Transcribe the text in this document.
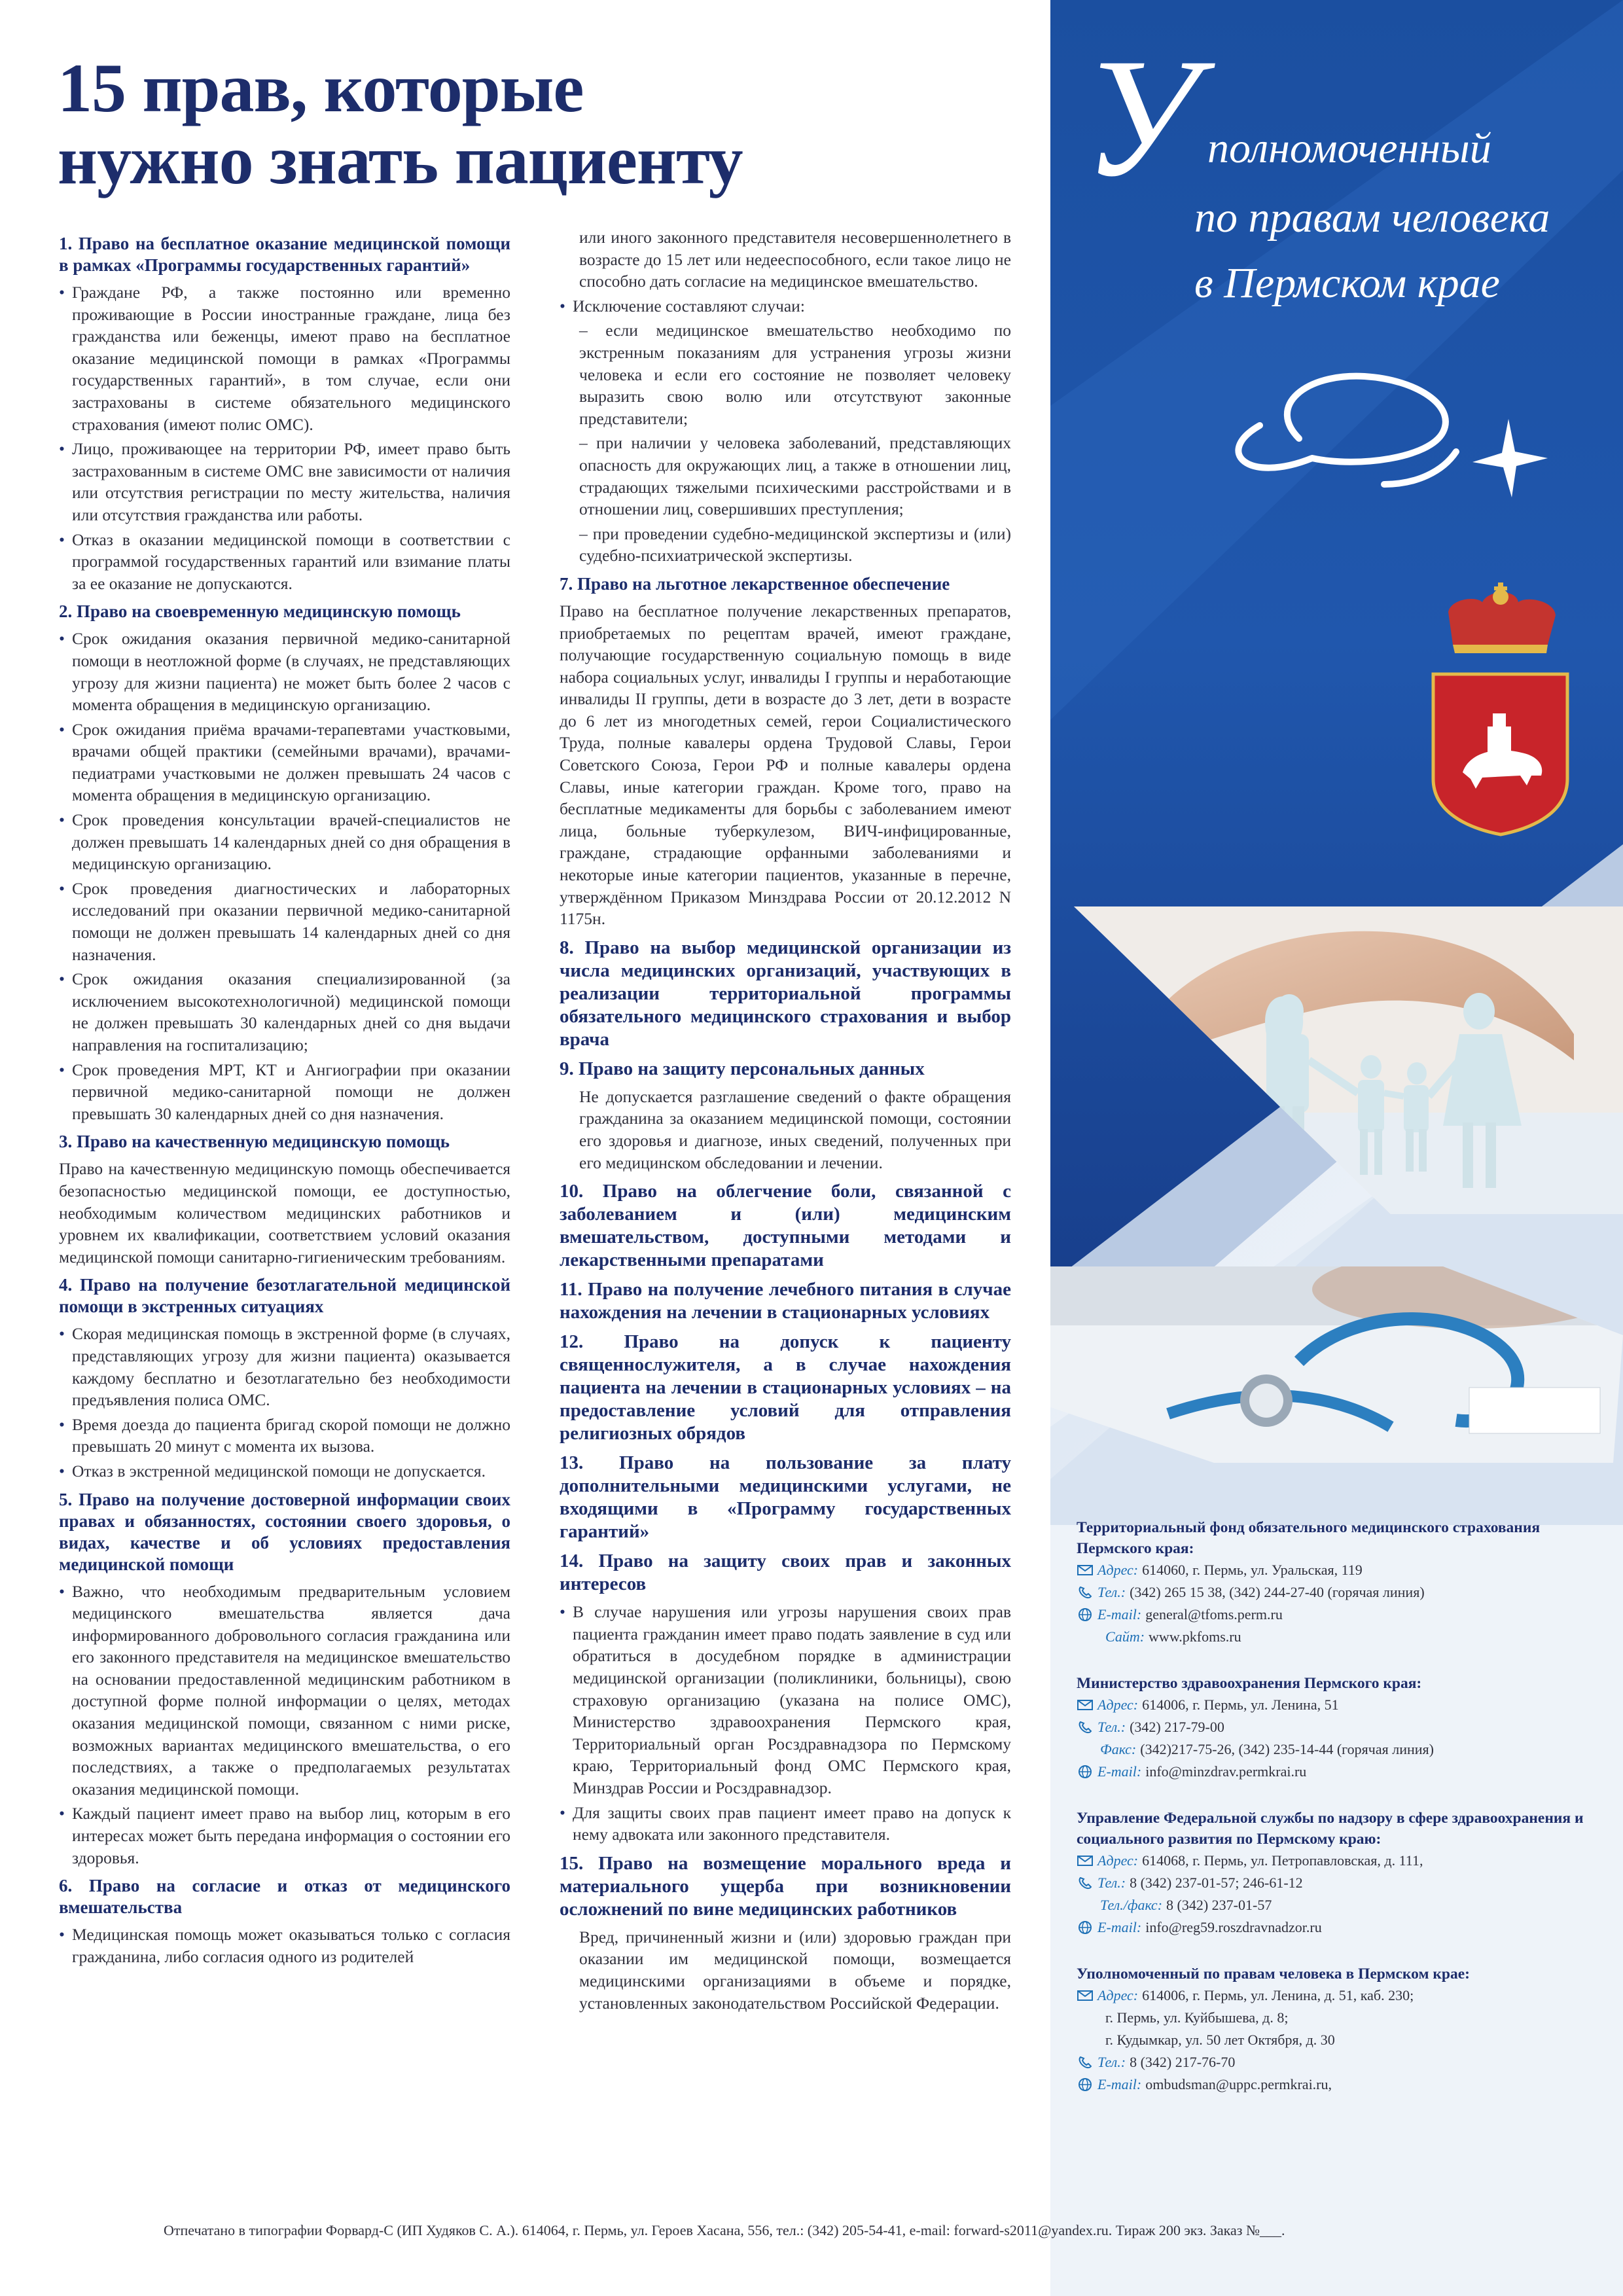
15 прав, которые
нужно знать пациенту
1. Право на бесплатное оказание медицинской помощи в рамках «Программы государственных гарантий»
• Граждане РФ, а также постоянно или временно проживающие в России иностранные граждане, лица без гражданства или беженцы, имеют право на бесплатное оказание медицинской помощи в рамках «Программы государственных гарантий», в том случае, если они застрахованы в системе обязательного медицинского страхования (имеют полис ОМС).
• Лицо, проживающее на территории РФ, имеет право быть застрахованным в системе ОМС вне зависимости от наличия или отсутствия регистрации по месту жительства, наличия или отсутствия гражданства или работы.
• Отказ в оказании медицинской помощи в соответствии с программой государственных гарантий или взимание платы за ее оказание не допускаются.
2. Право на своевременную медицинскую помощь
• Срок ожидания оказания первичной медико-санитарной помощи в неотложной форме (в случаях, не представляющих угрозу для жизни пациента) не может быть более 2 часов с момента обращения в медицинскую организацию.
• Срок ожидания приёма врачами-терапевтами участковыми, врачами общей практики (семейными врачами), врачами-педиатрами участковыми не должен превышать 24 часов с момента обращения в медицинскую организацию.
• Срок проведения консультации врачей-специалистов не должен превышать 14 календарных дней со дня обращения в медицинскую организацию.
• Срок проведения диагностических и лабораторных исследований при оказании первичной медико-санитарной помощи не должен превышать 14 календарных дней со дня назначения.
• Срок ожидания оказания специализированной (за исключением высокотехнологичной) медицинской помощи не должен превышать 30 календарных дней со дня выдачи направления на госпитализацию;
• Срок проведения МРТ, КТ и Ангиографии при оказании первичной медико-санитарной помощи не должен превышать 30 календарных дней со дня назначения.
3. Право на качественную медицинскую помощь
Право на качественную медицинскую помощь обеспечивается безопасностью медицинской помощи, ее доступностью, необходимым количеством медицинских работников и уровнем их квалификации, соответствием условий оказания медицинской помощи санитарно-гигиеническим требованиям.
4. Право на получение безотлагательной медицинской помощи в экстренных ситуациях
• Скорая медицинская помощь в экстренной форме (в случаях, представляющих угрозу для жизни пациента) оказывается каждому бесплатно и безотлагательно без необходимости предъявления полиса ОМС.
• Время доезда до пациента бригад скорой помощи не должно превышать 20 минут с момента их вызова.
• Отказ в экстренной медицинской помощи не допускается.
5. Право на получение достоверной информации своих правах и обязанностях, состоянии своего здоровья, о видах, качестве и об условиях предоставления медицинской помощи
• Важно, что необходимым предварительным условием медицинского вмешательства является дача информированного добровольного согласия гражданина или его законного представителя на медицинское вмешательство на основании предоставленной медицинским работником в доступной форме полной информации о целях, методах оказания медицинской помощи, связанном с ними риске, возможных вариантах медицинского вмешательства, о его последствиях, а также о предполагаемых результатах оказания медицинской помощи.
• Каждый пациент имеет право на выбор лиц, которым в его интересах может быть передана информация о состоянии его здоровья.
6. Право на согласие и отказ от медицинского вмешательства
• Медицинская помощь может оказываться только с согласия гражданина, либо согласия одного из родителей
или иного законного представителя несовершеннолетнего в возрасте до 15 лет или недееспособного, если такое лицо не способно дать согласие на медицинское вмешательство.
• Исключение составляют случаи:
– если медицинское вмешательство необходимо по экстренным показаниям для устранения угрозы жизни человека и если его состояние не позволяет человеку выразить свою волю или отсутствуют законные представители;
– при наличии у человека заболеваний, представляющих опасность для окружающих лиц, а также в отношении лиц, страдающих тяжелыми психическими расстройствами и в отношении лиц, совершивших преступления;
– при проведении судебно-медицинской экспертизы и (или) судебно-психиатрической экспертизы.
7. Право на льготное лекарственное обеспечение
Право на бесплатное получение лекарственных препаратов, приобретаемых по рецептам врачей, имеют граждане, получающие государственную социальную помощь в виде набора социальных услуг, инвалиды I группы и неработающие инвалиды II группы, дети в возрасте до 3 лет, дети в возрасте до 6 лет из многодетных семей, герои Социалистического Труда, полные кавалеры ордена Трудовой Славы, Герои Советского Союза, Герои РФ и полные кавалеры ордена Славы, иные категории граждан. Кроме того, право на бесплатные медикаменты для борьбы с заболеванием имеют лица, больные туберкулезом, ВИЧ-инфицированные, граждане, страдающие орфанными заболеваниями и некоторые иные категории пациентов, указанные в перечне, утверждённом Приказом Минздрава России от 20.12.2012 N 1175н.
8. Право на выбор медицинской организации из числа медицинских организаций, участвующих в реализации территориальной программы обязательного медицинского страхования и выбор врача
9. Право на защиту персональных данных
Не допускается разглашение сведений о факте обращения гражданина за оказанием медицинской помощи, состоянии его здоровья и диагнозе, иных сведений, полученных при его медицинском обследовании и лечении.
10. Право на облегчение боли, связанной с заболеванием и (или) медицинским вмешательством, доступными методами и лекарственными препаратами
11. Право на получение лечебного питания в случае нахождения на лечении в стационарных условиях
12. Право на допуск к пациенту священнослужителя, а в случае нахождения пациента на лечении в стационарных условиях – на предоставление условий для отправления религиозных обрядов
13. Право на пользование за плату дополнительными медицинскими услугами, не входящими в «Программу государственных гарантий»
14. Право на защиту своих прав и законных интересов
• В случае нарушения или угрозы нарушения своих прав пациента гражданин имеет право подать заявление в суд или обратиться в досудебном порядке в администрации медицинской организации (поликлиники, больницы), свою страховую организацию (указана на полисе ОМС), Министерство здравоохранения Пермского края, Территориальный орган Росздравнадзора по Пермскому краю, Территориальный фонд ОМС Пермского края, Минздрав России и Росздравнадзор.
• Для защиты своих прав пациент имеет право на допуск к нему адвоката или законного представителя.
15. Право на возмещение морального вреда и материального ущерба при возникновении осложнений по вине медицинских работников
Вред, причиненный жизни и (или) здоровью граждан при оказании им медицинской помощи, возмещается медицинскими организациями в объеме и порядке, установленных законодательством Российской Федерации.
У полномоченный
по правам человека
в Пермском крае
Территориальный фонд обязательного медицинского страхования Пермского края:
Адрес: 614060, г. Пермь, ул. Уральская, 119
Тел.: (342) 265 15 38, (342) 244-27-40 (горячая линия)
E-mail: general@tfoms.perm.ru
Сайт: www.pkfoms.ru
Министерство здравоохранения Пермского края:
Адрес: 614006, г. Пермь, ул. Ленина, 51
Тел.: (342) 217-79-00
Факс: (342)217-75-26, (342) 235-14-44 (горячая линия)
E-mail: info@minzdrav.permkrai.ru
Управление Федеральной службы по надзору в сфере здравоохранения и социального развития по Пермскому краю:
Адрес: 614068, г. Пермь, ул. Петропавловская, д. 111,
Тел.: 8 (342) 237-01-57; 246-61-12
Тел./факс: 8 (342) 237-01-57
E-mail: info@reg59.roszdravnadzor.ru
Уполномоченный по правам человека в Пермском крае:
Адрес: 614006, г. Пермь, ул. Ленина, д. 51, каб. 230;
г. Пермь, ул. Куйбышева, д. 8;
г. Кудымкар, ул. 50 лет Октября, д. 30
Тел.: 8 (342) 217-76-70
E-mail: ombudsman@uppc.permkrai.ru,
Отпечатано в типографии Форвард-С (ИП Худяков С. А.). 614064, г. Пермь, ул. Героев Хасана, 556, тел.: (342) 205-54-41, e-mail: forward-s2011@yandex.ru. Тираж 200 экз. Заказ №___.
